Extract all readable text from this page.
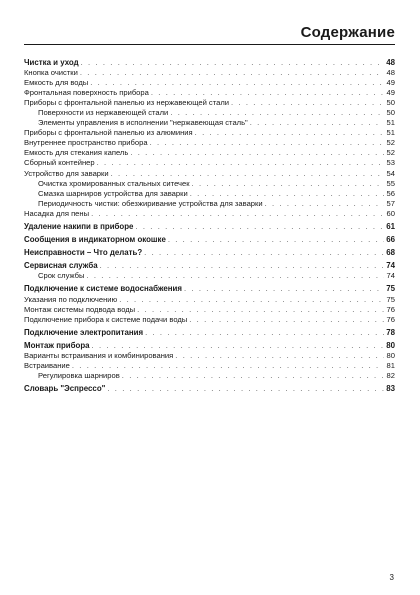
Содержание
Чистка и уход . . .	48
Кнопка очистки . . .	48
Емкость для воды . . .	49
Фронтальная поверхность прибора . . .	49
Приборы с фронтальной панелью из нержавеющей стали . . .	50
Поверхности из нержавеющей стали . . .	50
Элементы управления в исполнении "нержавеющая сталь" . . .	51
Приборы с фронтальной панелью из алюминия . . .	51
Внутреннее пространство прибора . . .	52
Емкость для стекания капель . . .	52
Сборный контейнер . . .	53
Устройство для заварки . . .	54
Очистка хромированных стальных ситечек . . .	55
Смазка шарниров устройства для заварки . . .	56
Периодичность чистки: обезжиривание устройства для заварки . . .	57
Насадка для пены . . .	60
Удаление накипи в приборе . . .	61
Сообщения в индикаторном окошке . . .	66
Неисправности – Что делать? . . .	68
Сервисная служба . . .	74
Срок службы . . .	74
Подключение к системе водоснабжения . . .	75
Указания по подключению . . .	75
Монтаж системы подвода воды . . .	76
Подключение прибора к системе подачи воды . . .	76
Подключение электропитания . . .	78
Монтаж прибора . . .	80
Варианты встраивания и комбинирования . . .	80
Встраивание . . .	81
Регулировка шарниров . . .	82
Словарь "Эспрессо" . . .	83
3
